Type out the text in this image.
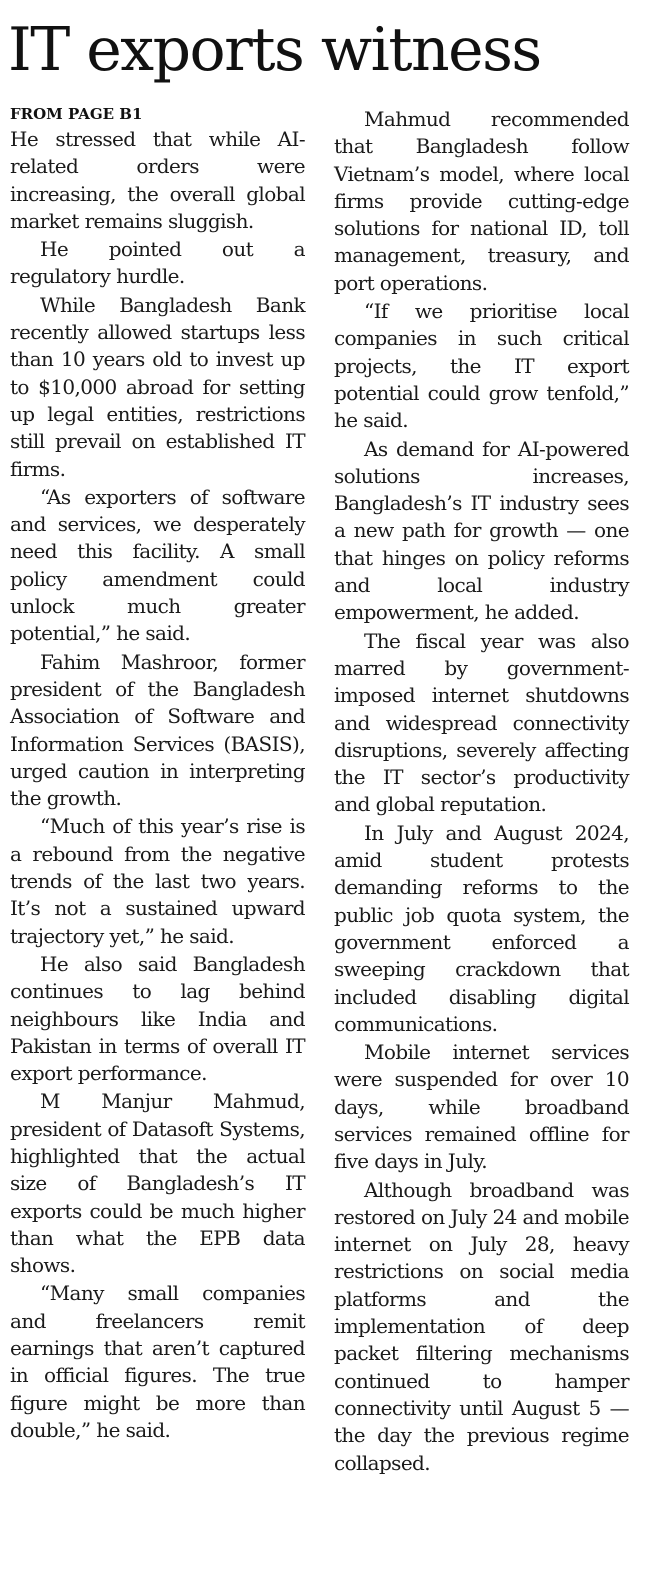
IT exports witness
FROM PAGE B1

He stressed that while AI-related orders were increasing, the overall global market remains sluggish.

He pointed out a regulatory hurdle.

While Bangladesh Bank recently allowed startups less than 10 years old to invest up to $10,000 abroad for setting up legal entities, restrictions still prevail on established IT firms.

“As exporters of software and services, we desperately need this facility. A small policy amendment could unlock much greater potential,” he said.

Fahim Mashroor, former president of the Bangladesh Association of Software and Information Services (BASIS), urged caution in interpreting the growth.

“Much of this year’s rise is a rebound from the negative trends of the last two years. It’s not a sustained upward trajectory yet,” he said.

He also said Bangladesh continues to lag behind neighbours like India and Pakistan in terms of overall IT export performance.

M Manjur Mahmud, president of Datasoft Systems, highlighted that the actual size of Bangladesh’s IT exports could be much higher than what the EPB data shows.

“Many small companies and freelancers remit earnings that aren’t captured in official figures. The true figure might be more than double,” he said.

Mahmud recommended that Bangladesh follow Vietnam’s model, where local firms provide cutting-edge solutions for national ID, toll management, treasury, and port operations.

“If we prioritise local companies in such critical projects, the IT export potential could grow tenfold,” he said.

As demand for AI-powered solutions increases, Bangladesh’s IT industry sees a new path for growth — one that hinges on policy reforms and local industry empowerment, he added.

The fiscal year was also marred by government-imposed internet shutdowns and widespread connectivity disruptions, severely affecting the IT sector’s productivity and global reputation.

In July and August 2024, amid student protests demanding reforms to the public job quota system, the government enforced a sweeping crackdown that included disabling digital communications.

Mobile internet services were suspended for over 10 days, while broadband services remained offline for five days in July.

Although broadband was restored on July 24 and mobile internet on July 28, heavy restrictions on social media platforms and the implementation of deep packet filtering mechanisms continued to hamper connectivity until August 5 — the day the previous regime collapsed.
